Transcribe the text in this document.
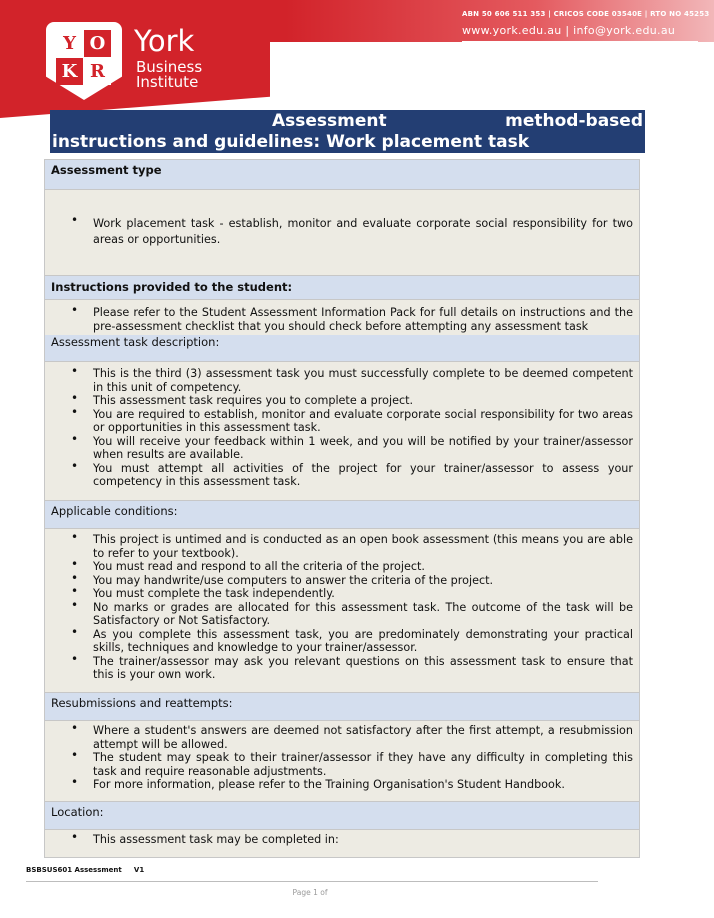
ABN 50 606 511 353 | CRICOS CODE 03540E | RTO NO 45253
www.york.edu.au | info@york.edu.au
Y O
K R
York
Business
Institute
Assessment	method-based
instructions and guidelines: Work placement task
Assessment type
• Work placement task - establish, monitor and evaluate corporate social responsibility for two areas or opportunities.
Instructions provided to the student:
• Please refer to the Student Assessment Information Pack for full details on instructions and the pre-assessment checklist that you should check before attempting any assessment task
Assessment task description:
• This is the third (3) assessment task you must successfully complete to be deemed competent in this unit of competency.
• This assessment task requires you to complete a project.
• You are required to establish, monitor and evaluate corporate social responsibility for two areas or opportunities in this assessment task.
• You will receive your feedback within 1 week, and you will be notified by your trainer/assessor when results are available.
• You must attempt all activities of the project for your trainer/assessor to assess your competency in this assessment task.
Applicable conditions:
• This project is untimed and is conducted as an open book assessment (this means you are able to refer to your textbook).
• You must read and respond to all the criteria of the project.
• You may handwrite/use computers to answer the criteria of the project.
• You must complete the task independently.
• No marks or grades are allocated for this assessment task. The outcome of the task will be Satisfactory or Not Satisfactory.
• As you complete this assessment task, you are predominately demonstrating your practical skills, techniques and knowledge to your trainer/assessor.
• The trainer/assessor may ask you relevant questions on this assessment task to ensure that this is your own work.
Resubmissions and reattempts:
• Where a student's answers are deemed not satisfactory after the first attempt, a resubmission attempt will be allowed.
• The student may speak to their trainer/assessor if they have any difficulty in completing this task and require reasonable adjustments.
• For more information, please refer to the Training Organisation's Student Handbook.
Location:
• This assessment task may be completed in:
BSBSUS601 Assessment     V1
Page 1 of
